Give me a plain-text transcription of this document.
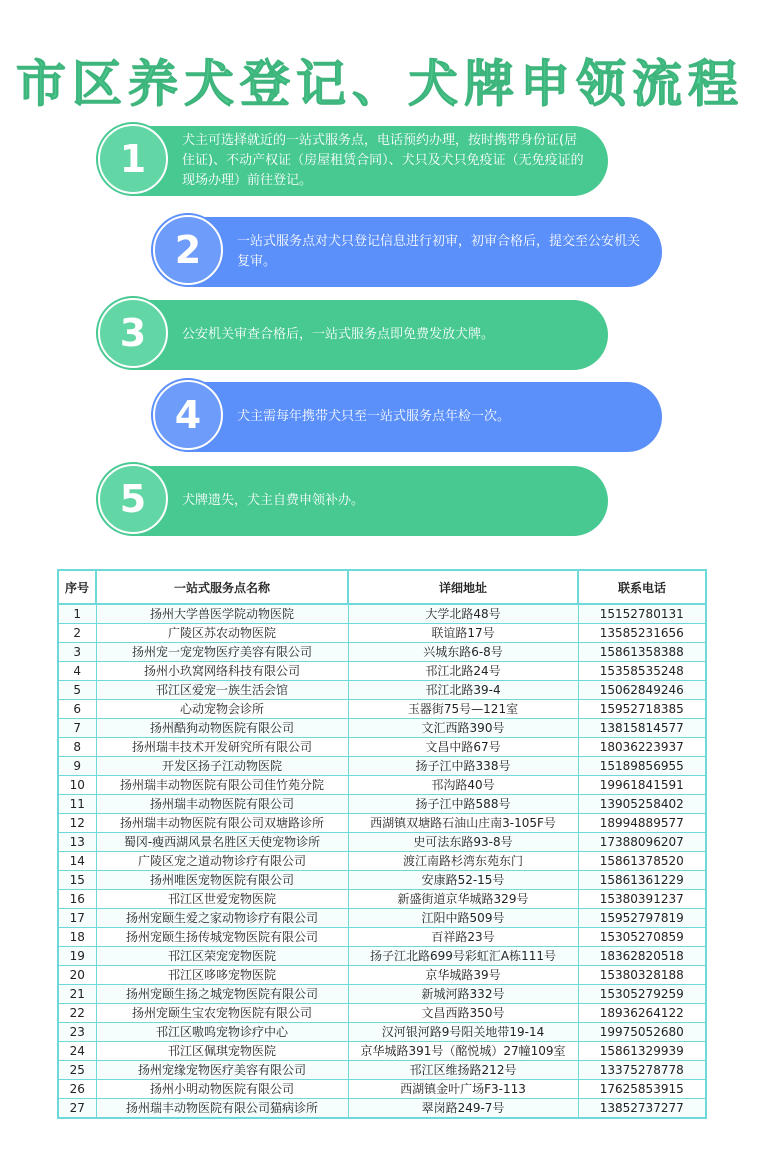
市区养犬登记、犬牌申领流程
1	犬主可选择就近的一站式服务点，电话预约办理，按时携带身份证(居住证)、不动产权证（房屋租赁合同）、犬只及犬只免疫证（无免疫证的现场办理）前往登记。
2	一站式服务点对犬只登记信息进行初审，初审合格后，提交至公安机关复审。
3	公安机关审查合格后，一站式服务点即免费发放犬牌。
4	犬主需每年携带犬只至一站式服务点年检一次。
5	犬牌遗失，犬主自费申领补办。
序号	一站式服务点名称	详细地址	联系电话
1	扬州大学兽医学院动物医院	大学北路48号	15152780131
2	广陵区苏农动物医院	联谊路17号	13585231656
3	扬州宠一宠宠物医疗美容有限公司	兴城东路6-8号	15861358388
4	扬州小玖窝网络科技有限公司	邗江北路24号	15358535248
5	邗江区爱宠一族生活会馆	邗江北路39-4	15062849246
6	心动宠物会诊所	玉器街75号—121室	15952718385
7	扬州酷狗动物医院有限公司	文汇西路390号	13815814577
8	扬州瑞丰技术开发研究所有限公司	文昌中路67号	18036223937
9	开发区扬子江动物医院	扬子江中路338号	15189856955
10	扬州瑞丰动物医院有限公司佳竹苑分院	邗沟路40号	19961841591
11	扬州瑞丰动物医院有限公司	扬子江中路588号	13905258402
12	扬州瑞丰动物医院有限公司双塘路诊所	西湖镇双塘路石油山庄南3-105F号	18994889577
13	蜀冈-瘦西湖风景名胜区天使宠物诊所	史可法东路93-8号	17388096207
14	广陵区宠之道动物诊疗有限公司	渡江南路杉湾东苑东门	15861378520
15	扬州唯医宠物医院有限公司	安康路52-15号	15861361229
16	邗江区世爱宠物医院	新盛街道京华城路329号	15380391237
17	扬州宠颐生爱之家动物诊疗有限公司	江阳中路509号	15952797819
18	扬州宠颐生扬传城宠物医院有限公司	百祥路23号	15305270859
19	邗江区荣宠宠物医院	扬子江北路699号彩虹汇A栋111号	18362820518
20	邗江区哆哆宠物医院	京华城路39号	15380328188
21	扬州宠颐生扬之城宠物医院有限公司	新城河路332号	15305279259
22	扬州宠颐生宝农宠物医院有限公司	文昌西路350号	18936264122
23	邗江区嗷呜宠物诊疗中心	汉河银河路9号阳关地带19-14	19975052680
24	邗江区佩琪宠物医院	京华城路391号（酩悦城）27幢109室	15861329939
25	扬州宠缘宠物医疗美容有限公司	邗江区维扬路212号	13375278778
26	扬州小明动物医院有限公司	西湖镇金叶广场F3-113	17625853915
27	扬州瑞丰动物医院有限公司猫病诊所	翠岗路249-7号	13852737277
